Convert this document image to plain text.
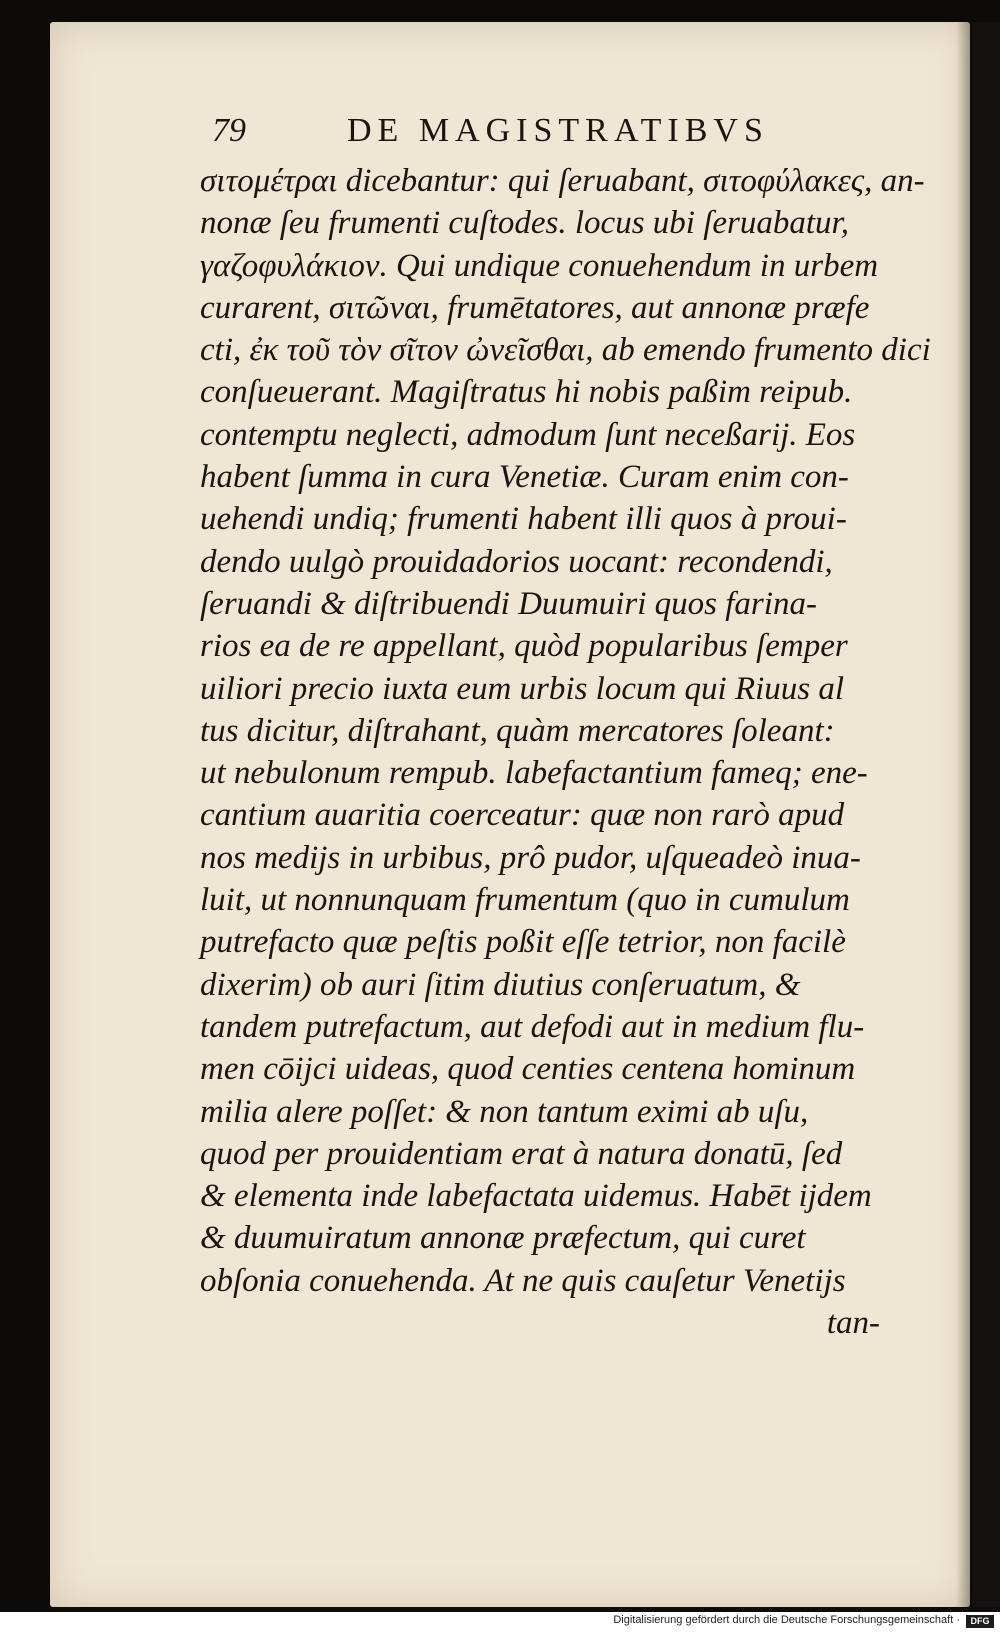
79	DE MAGISTRATIBVS
σιτομέτραι dicebantur: qui ſeruabant, σιτοφύλακες, an-
nonæ ſeu frumenti cuſtodes. locus ubi ſeruabatur,
γαζοφυλάκιον. Qui undique conuehendum in urbem
curarent, σιτῶναι, frumētatores, aut annonæ præfe
cti, ἐκ τοῦ τὸν σῖτον ὠνεῖσθαι, ab emendo frumento dici
conſueuerant. Magiſtratus hi nobis paßim reipub.
contemptu neglecti, admodum ſunt neceßarij. Eos
habent ſumma in cura Venetiæ. Curam enim con-
uehendi undiq; frumenti habent illi quos à proui-
dendo uulgò prouidadorios uocant: recondendi,
ſeruandi & diſtribuendi Duumuiri quos farina-
rios ea de re appellant, quòd popularibus ſemper
uiliori precio iuxta eum urbis locum qui Riuus al
tus dicitur, diſtrahant, quàm mercatores ſoleant:
ut nebulonum rempub. labefactantium fameq; ene-
cantium auaritia coerceatur: quæ non rarò apud
nos medijs in urbibus, prô pudor, uſqueadeò inua-
luit, ut nonnunquam frumentum (quo in cumulum
putrefacto quæ peſtis poßit eſſe tetrior, non facilè
dixerim) ob auri ſitim diutius conſeruatum, &
tandem putrefactum, aut defodi aut in medium flu-
men cōijci uideas, quod centies centena hominum
milia alere poſſet: & non tantum eximi ab uſu,
quod per prouidentiam erat à natura donatū, ſed
& elementa inde labefactata uidemus. Habēt ijdem
& duumuiratum annonæ præfectum, qui curet
obſonia conuehenda. At ne quis cauſetur Venetijs
tan-
Digitalisierung gefördert durch die Deutsche Forschungsgemeinschaft ·	DFG
